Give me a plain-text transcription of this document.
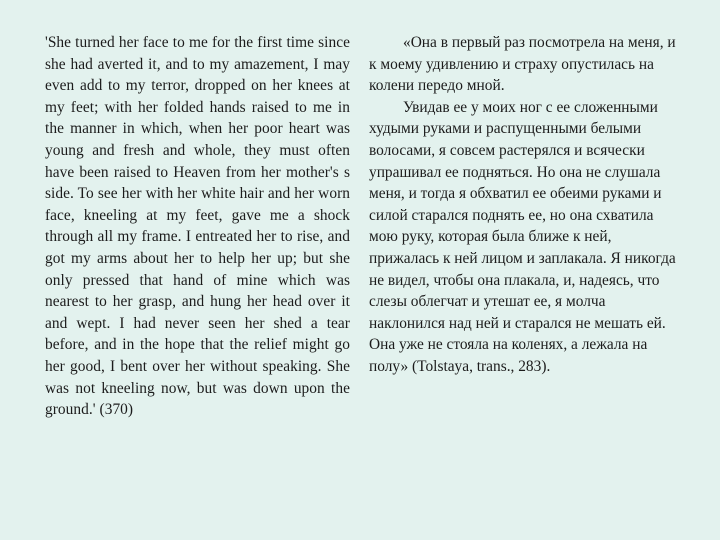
'She turned her face to me for the first time since she had averted it, and to my amazement, I may even add to my terror, dropped on her knees at my feet; with her folded hands raised to me in the manner in which, when her poor heart was young and fresh and whole, they must often have been raised to Heaven from her mother's s side. To see her with her white hair and her worn face, kneeling at my feet, gave me a shock through all my frame. I entreated her to rise, and got my arms about her to help her up; but she only pressed that hand of mine which was nearest to her grasp, and hung her head over it and wept. I had never seen her shed a tear before, and in the hope that the relief might go her good, I bent over her without speaking. She was not kneeling now, but was down upon the ground.' (370)

«Она в первый раз посмотрела на меня, и к моему удивлению и страху опустилась на колени передо мной.

Увидав ее у моих ног с ее сложенными худыми руками и распущенными белыми волосами, я совсем растерялся и всячески упрашивал ее подняться. Но она не слушала меня, и тогда я обхватил ее обеими руками и силой старался поднять ее, но она схватила мою руку, которая была ближе к ней, прижалась к ней лицом и заплакала. Я никогда не видел, чтобы она плакала, и, надеясь, что слезы облегчат и утешат ее, я молча наклонился над ней и старался не мешать ей. Она уже не стояла на коленях, а лежала на полу» (Tolstaya, trans., 283).
